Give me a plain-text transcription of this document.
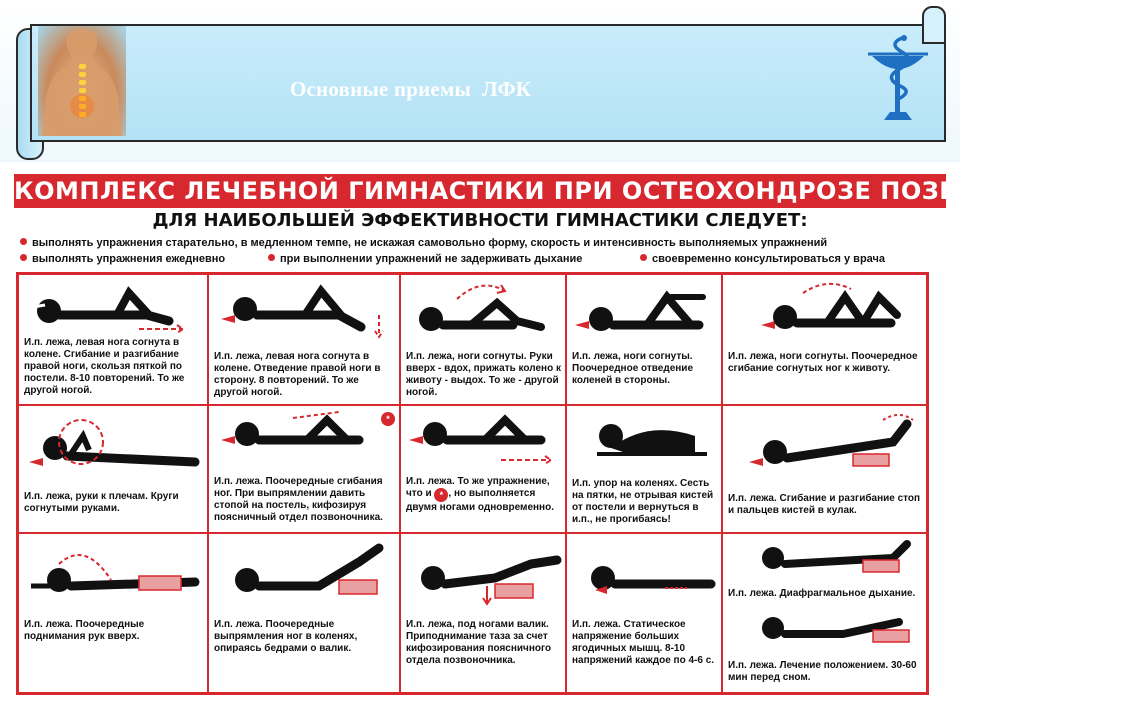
Основные приемы  ЛФК
КОМПЛЕКС ЛЕЧЕБНОЙ ГИМНАСТИКИ ПРИ ОСТЕОХОНДРОЗЕ ПОЗВОНОЧНИКА
ДЛЯ НАИБОЛЬШЕЙ ЭФФЕКТИВНОСТИ ГИМНАСТИКИ СЛЕДУЕТ:
выполнять упражнения старательно, в медленном темпе, не искажая самовольно форму, скорость и интенсивность выполняемых упражнений
выполнять упражнения ежедневно	при выполнении упражнений не задерживать дыхание	своевременно консультироваться у врача
И.п. лежа, левая нога согнута в колене. Сгибание и разгибание правой ноги, скользя пяткой по постели. 8-10 повторений. То же другой ногой.
И.п. лежа, левая нога согнута в колене. Отведение правой ноги в сторону. 8 повторений. То же другой ногой.
И.п. лежа, ноги согнуты. Руки вверх - вдох, прижать колено к животу - выдох. То же - другой ногой.
И.п. лежа, ноги согнуты. Поочередное отведение коленей в стороны.
И.п. лежа, ноги согнуты. Поочередное сгибание согнутых ног к животу.
И.п. лежа, руки к плечам. Круги согнутыми руками.
*
И.п. лежа. Поочередные сгибания ног. При выпрямлении давить стопой на постель, кифозируя поясничный отдел позвоночника.
И.п. лежа. То же упражнение, что и * , но выполняется двумя ногами одновременно.
И.п. упор на коленях. Сесть на пятки, не отрывая кистей от постели и вернуться в и.п., не прогибаясь!
И.п. лежа. Сгибание и разгибание стоп и пальцев кистей в кулак.
И.п. лежа. Поочередные поднимания рук вверх.
И.п. лежа. Поочередные выпрямления ног в коленях, опираясь бедрами о валик.
И.п. лежа, под ногами валик. Приподнимание таза за счет кифозирования поясничного отдела позвоночника.
И.п. лежа. Статическое напряжение больших ягодичных мышц. 8-10 напряжений каждое по 4-6 с.
И.п. лежа. Диафрагмальное дыхание.
И.п. лежа. Лечение положением. 30-60 мин перед сном.
